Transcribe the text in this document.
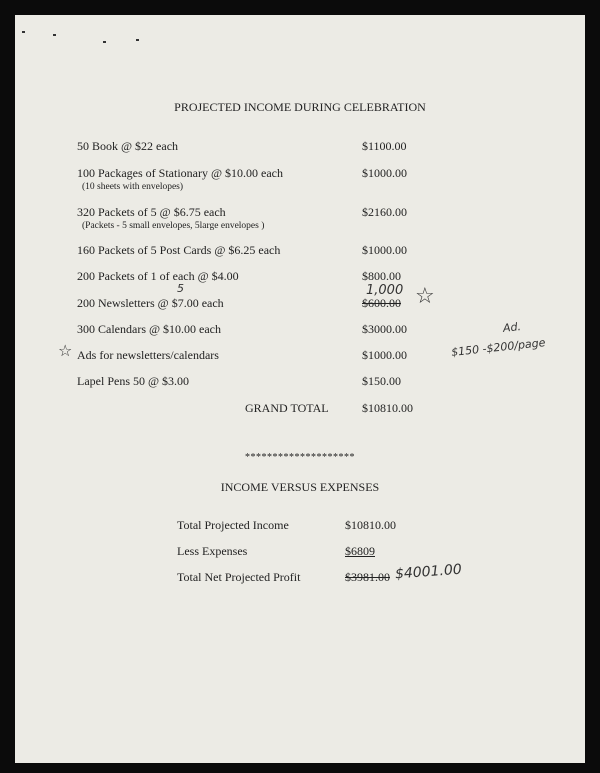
PROJECTED INCOME DURING CELEBRATION
50 Book @ $22 each	$1100.00
100 Packages of Stationary @ $10.00 each
(10 sheets with envelopes)
$1000.00
320 Packets of 5 @ $6.75 each
(Packets - 5 small envelopes, 5large envelopes )
$2160.00
160 Packets of 5 Post Cards @ $6.25 each	$1000.00
200 Packets of 1 of each @ $4.00	$800.00
200 Newsletters @ $7.00 each	$600.00
5	1,000 ☆
300 Calendars @ $10.00 each	$3000.00
☆ Ads for newsletters/calendars	$1000.00
Ad.
$150 -$200/page
Lapel Pens 50 @ $3.00	$150.00
GRAND TOTAL	$10810.00
********************
INCOME VERSUS EXPENSES
Total Projected Income	$10810.00
Less Expenses	$6809
Total Net Projected Profit	$3981.00 $4001.00
